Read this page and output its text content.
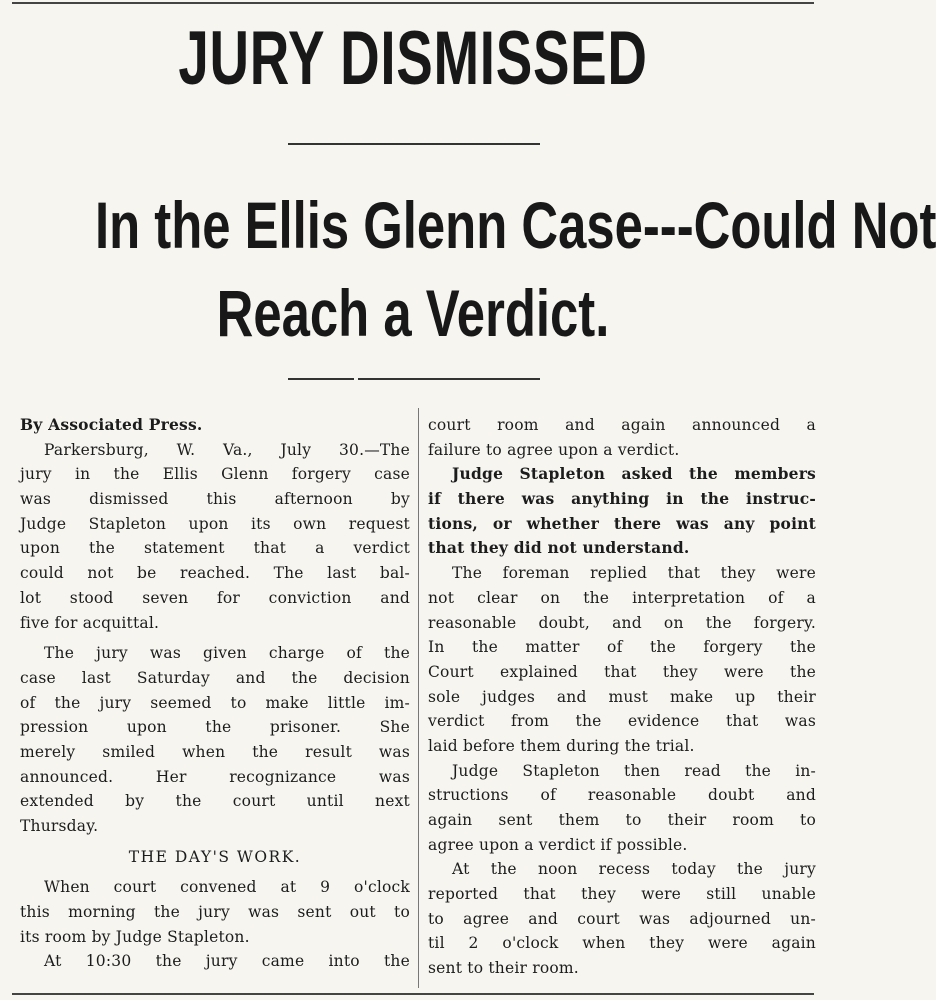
JURY DISMISSED
In the Ellis Glenn Case---Could Not
Reach a Verdict.
By Associated Press.
Parkersburg, W. Va., July 30.—The
jury in the Ellis Glenn forgery case
was dismissed this afternoon by
Judge Stapleton upon its own request
upon the statement that a verdict
could not be reached. The last bal-
lot stood seven for conviction and
five for acquittal.
The jury was given charge of the
case last Saturday and the decision
of the jury seemed to make little im-
pression upon the prisoner. She
merely smiled when the result was
announced. Her recognizance was
extended by the court until next
Thursday.
THE DAY'S WORK.
When court convened at 9 o'clock
this morning the jury was sent out to
its room by Judge Stapleton.
At 10:30 the jury came into the
court room and again announced a
failure to agree upon a verdict.
Judge Stapleton asked the members
if there was anything in the instruc-
tions, or whether there was any point
that they did not understand.
The foreman replied that they were
not clear on the interpretation of a
reasonable doubt, and on the forgery.
In the matter of the forgery the
Court explained that they were the
sole judges and must make up their
verdict from the evidence that was
laid before them during the trial.
Judge Stapleton then read the in-
structions of reasonable doubt and
again sent them to their room to
agree upon a verdict if possible.
At the noon recess today the jury
reported that they were still unable
to agree and court was adjourned un-
til 2 o'clock when they were again
sent to their room.
